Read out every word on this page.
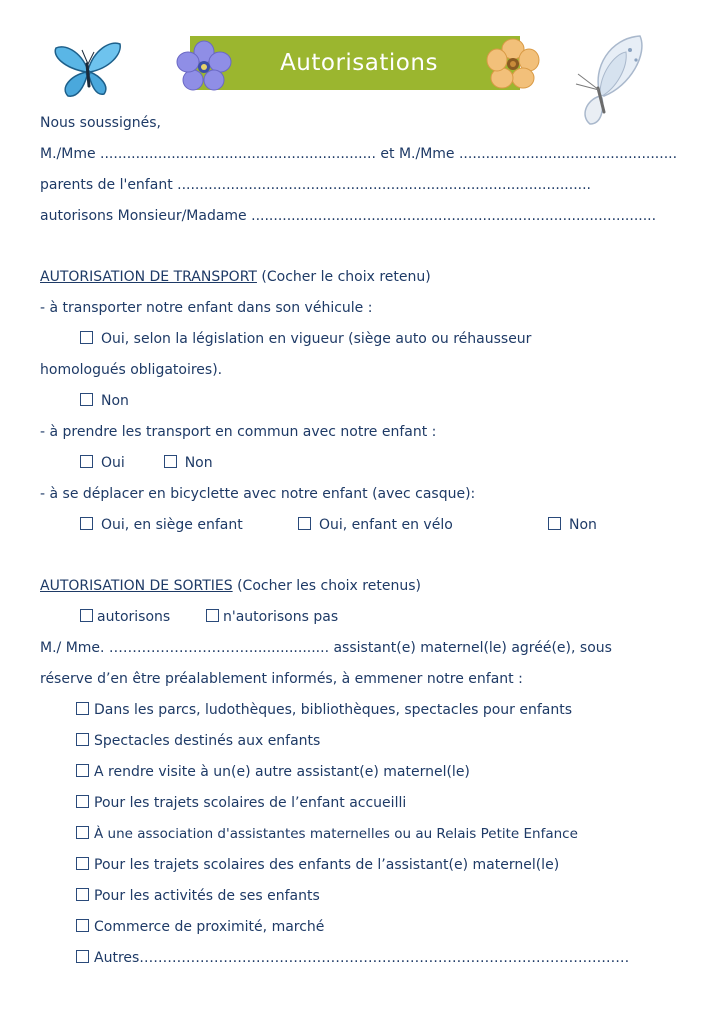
Autorisations
Nous soussignés,
M./Mme .............................................................. et M./Mme .................................................
parents de l'enfant .............................................................................................
autorisons Monsieur/Madame ...........................................................................................
AUTORISATION DE TRANSPORT (Cocher le choix retenu)
- à transporter notre enfant dans son véhicule :
Oui, selon la législation en vigueur (siège auto ou réhausseur
homologués obligatoires).
Non
- à prendre les transport en commun avec notre enfant :
Oui	Non
- à se déplacer en bicyclette avec notre enfant (avec casque):
Oui, en siège enfant	Oui, enfant en vélo	Non
AUTORISATION DE SORTIES (Cocher les choix retenus)
autorisons	n'autorisons pas
M./ Mme. ………………………….................. assistant(e) maternel(le) agréé(e), sous
réserve d’en être préalablement informés, à emmener notre enfant :
Dans les parcs, ludothèques, bibliothèques, spectacles pour enfants
Spectacles destinés aux enfants
A rendre visite à un(e) autre assistant(e) maternel(le)
Pour les trajets scolaires de l’enfant accueilli
À une association d'assistantes maternelles ou au Relais Petite Enfance
Pour les trajets scolaires des enfants de l’assistant(e) maternel(le)
Pour les activités de ses enfants
Commerce de proximité, marché
Autres……………………………………………………………………………………………
